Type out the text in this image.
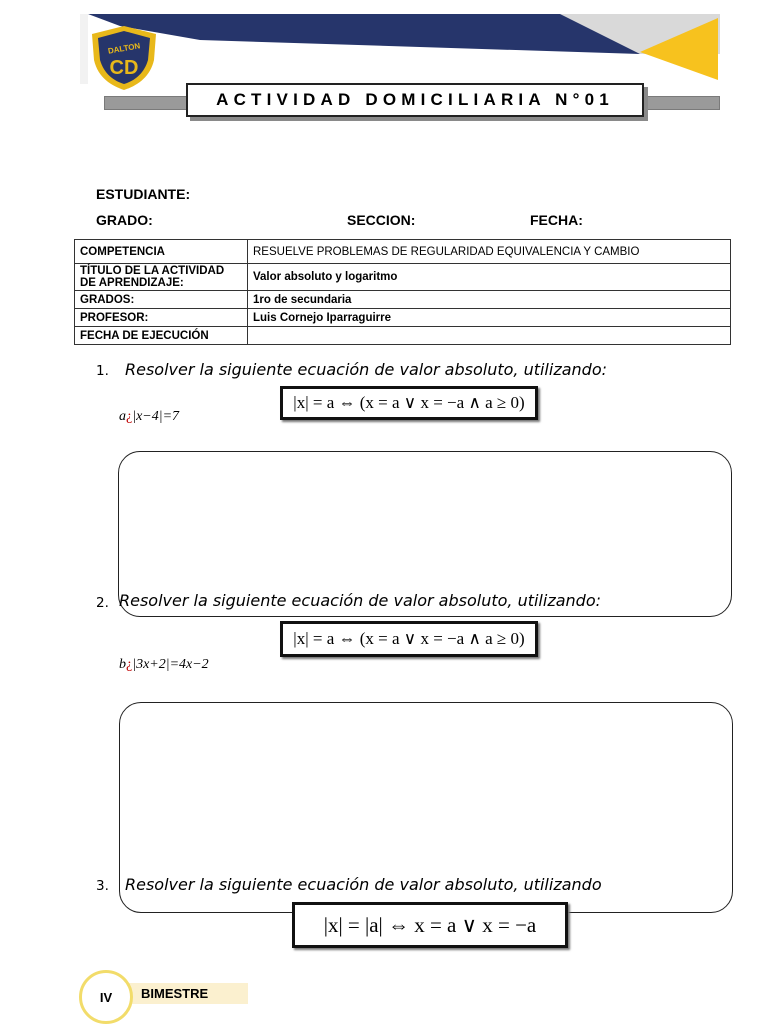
DALTON
CD
ACTIVIDAD DOMICILIARIA N°01
ESTUDIANTE:
GRADO:	SECCION:	FECHA:
COMPETENCIA	RESUELVE PROBLEMAS DE REGULARIDAD EQUIVALENCIA Y CAMBIO
TÍTULO DE LA ACTIVIDAD DE APRENDIZAJE:	Valor absoluto y logaritmo
GRADOS:	1ro de secundaria
PROFESOR:	Luis Cornejo Iparraguirre
FECHA DE EJECUCIÓN	
1. Resolver la siguiente ecuación de valor absoluto, utilizando:
|x| = a ⇔ (x = a ∨ x = −a ∧ a ≥ 0)
a¿|x−4|=7
2. Resolver la siguiente ecuación de valor absoluto, utilizando:
|x| = a ⇔ (x = a ∨ x = −a ∧ a ≥ 0)
b¿|3x+2|=4x−2
3. Resolver la siguiente ecuación de valor absoluto, utilizando
|x| = |a| ⇔ x = a ∨ x = −a
BIMESTRE
IV
